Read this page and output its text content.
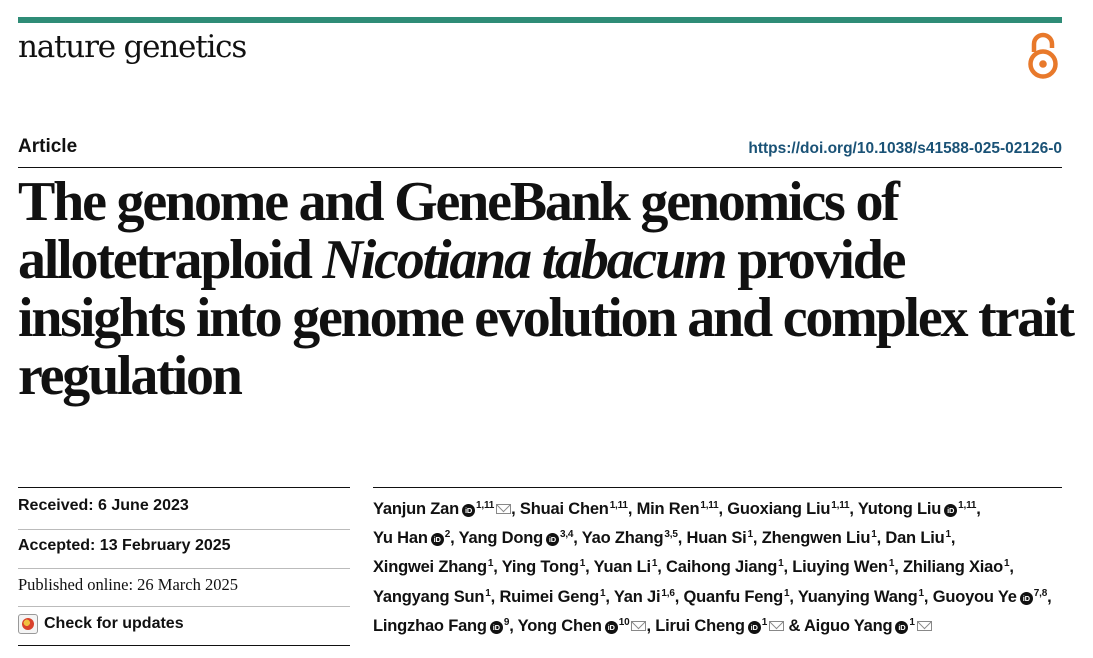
nature genetics
Article	https://doi.org/10.1038/s41588-025-02126-0
The genome and GeneBank genomics of allotetraploid Nicotiana tabacum provide insights into genome evolution and complex trait regulation
Received: 6 June 2023
Accepted: 13 February 2025
Published online: 26 March 2025
Check for updates

Yanjun Zan iD $^{1,11}$ , Shuai Chen$^{1,11}$, Min Ren$^{1,11}$, Guoxiang Liu$^{1,11}$, Yutong Liu iD $^{1,11}$, Yu Han iD $^2$, Yang Dong iD $^{3,4}$, Yao Zhang$^{3,5}$, Huan Si$^1$, Zhengwen Liu$^1$, Dan Liu$^1$, Xingwei Zhang$^1$, Ying Tong$^1$, Yuan Li$^1$, Caihong Jiang$^1$, Liuying Wen$^1$, Zhiliang Xiao$^1$, Yangyang Sun$^1$, Ruimei Geng$^1$, Yan Ji$^{1,6}$, Quanfu Feng$^1$, Yuanying Wang$^1$, Guoyou Ye iD $^{7,8}$, Lingzhao Fang iD $^9$, Yong Chen iD $^{10}$ , Lirui Cheng iD $^1$ & Aiguo Yang iD $^1$
